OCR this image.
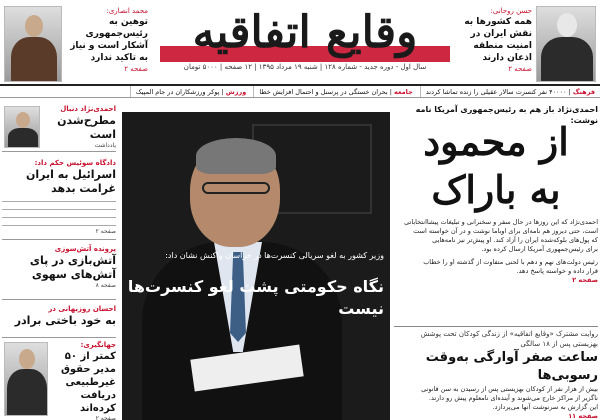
محمد انصاری:
توهین به رئیس‌جمهوری آشکار است و نیاز به تاکید ندارد
صفحه ۲
وقایع اتفاقیه
سال اول - دوره جدید - شماره ۱۲۸ | شنبه ۱۹ مرداد ۱۳۹۵ | ۱۲ صفحه | ۵۰۰۰ تومان
حسن روحانی:
همه کشورها به نقش ایران در امنیت منطقه اذعان دارند
صفحه ۲
فرهنگ | ۴۰۰۰۰ نفر کنسرت سالار عقیلی را زنده تماشا کردند جامعه | بحران خستگی در پرسنل و احتمال افزایش خطا ورزش | پوکر ورزشکاران در جام المپیک
احمدی‌نژاد دنبال
مطرح‌شدن است
یادداشت
دادگاه سوئیس حکم داد:
اسرائیل به ایران غرامت بدهد
صفحه ۲
پرونده آتش‌سوزی
آتش‌بازی در پای آتش‌های سهوی
صفحه ۸
احسان روزبهانی در
به خود باختی برادر
جهانگیری:
کمتر از ۵۰ مدیر حقوق غیرطبیعی دریافت کرده‌اند
صفحه ۲
وزیر کشور به لغو سریالی کنسرت‌ها در خراسان واکنش نشان داد:
نگاه حکومتی پشت لغو کنسرت‌ها نیست
احمدی‌نژاد باز هم به رئیس‌جمهوری آمریکا نامه نوشت:
از محمود
به باراک
احمدی‌نژاد که این روزها در حال سفر و سخنرانی و تبلیغات پیشا‌انتخاباتی
است، حتی دیروز هم نامه‌ای برای اوباما نوشت و در آن خواسته است
که پول‌های بلوکه‌شده ایران را آزاد کند. او پیش‌تر نیز نامه‌هایی
برای رئیس‌جمهوری آمریکا ارسال کرده بود.
رئیس دولت‌های نهم و دهم با لحنی متفاوت از گذشته او را خطاب
قرار داده و خواسته پاسخ دهد.
صفحه ۲
روایت مشترک «وقایع اتفاقیه» از زندگی کودکان تحت پوشش بهزیستی پس از ۱۸ سالگی
ساعت صفر آوارگی به‌وقت رسوبی‌ها
بیش از هزار نفر از کودکان بهزیستی پس از رسیدن به سن قانونی
ناگزیر از مراکز خارج می‌شوند و آینده‌ای نامعلوم پیش رو دارند.
این گزارش به سرنوشت آنها می‌پردازد.
صفحه ۱۱
